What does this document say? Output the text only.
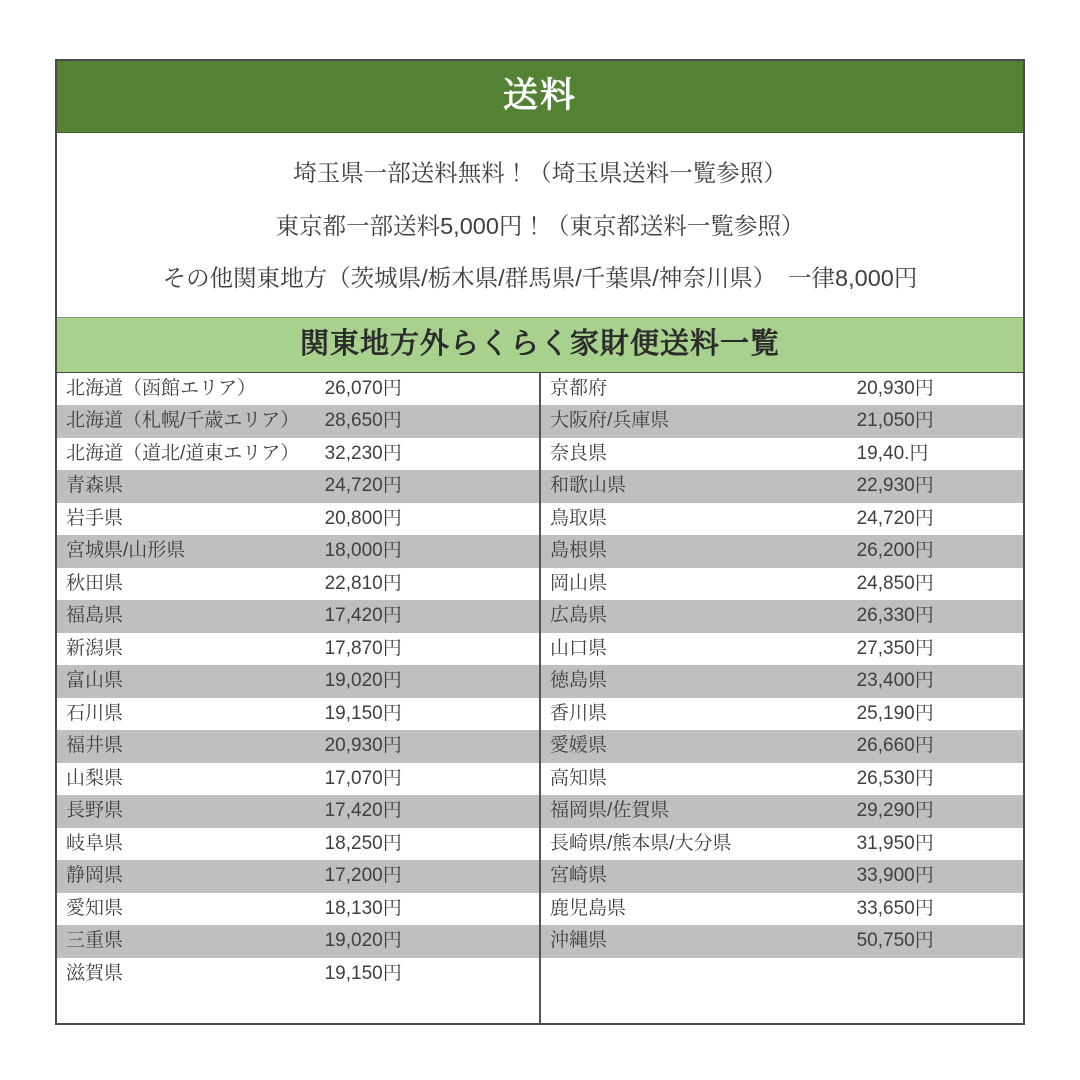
送料
埼玉県一部送料無料！（埼玉県送料一覧参照）
東京都一部送料5,000円！（東京都送料一覧参照）
その他関東地方（茨城県/栃木県/群馬県/千葉県/神奈川県）　一律8,000円
関東地方外らくらく家財便送料一覧
北海道（函館エリア）	26,070円

北海道（札幌/千歳エリア）	28,650円

北海道（道北/道東エリア）	32,230円

青森県	24,720円

岩手県	20,800円

宮城県/山形県	18,000円

秋田県	22,810円

福島県	17,420円

新潟県	17,870円

富山県	19,020円

石川県	19,150円

福井県	20,930円

山梨県	17,070円

長野県	17,420円

岐阜県	18,250円

静岡県	17,200円

愛知県	18,130円

三重県	19,020円

滋賀県	19,150円

京都府	20,930円

大阪府/兵庫県	21,050円

奈良県	19,40.円

和歌山県	22,930円

鳥取県	24,720円

島根県	26,200円

岡山県	24,850円

広島県	26,330円

山口県	27,350円

徳島県	23,400円

香川県	25,190円

愛媛県	26,660円

高知県	26,530円

福岡県/佐賀県	29,290円

長崎県/熊本県/大分県	31,950円

宮崎県	33,900円

鹿児島県	33,650円

沖縄県	50,750円
